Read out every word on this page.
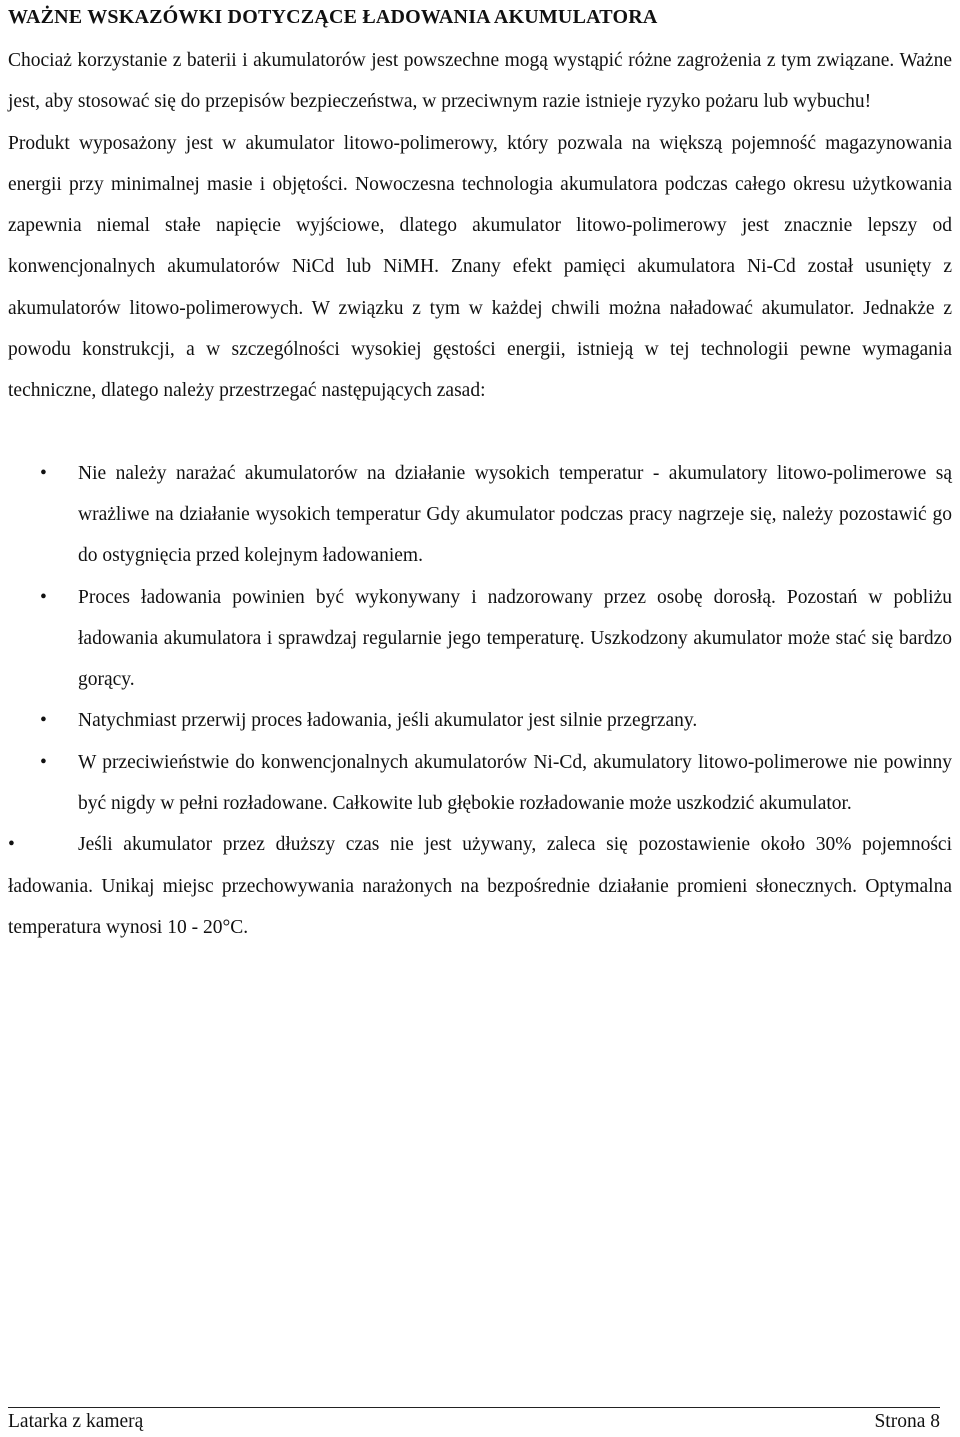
WAŻNE WSKAZÓWKI DOTYCZĄCE ŁADOWANIA AKUMULATORA

Chociaż korzystanie z baterii i akumulatorów jest powszechne mogą wystąpić różne zagrożenia z tym związane. Ważne jest, aby stosować się do przepisów bezpieczeństwa, w przeciwnym razie istnieje ryzyko pożaru lub wybuchu!

Produkt wyposażony jest w akumulator litowo-polimerowy, który pozwala na większą pojemność magazynowania energii przy minimalnej masie i objętości. Nowoczesna technologia akumulatora podczas całego okresu użytkowania zapewnia niemal stałe napięcie wyjściowe, dlatego akumulator litowo-polimerowy jest znacznie lepszy od konwencjonalnych akumulatorów NiCd lub NiMH. Znany efekt pamięci akumulatora Ni-Cd został usunięty z akumulatorów litowo-polimerowych. W związku z tym w każdej chwili można naładować akumulator. Jednakże z powodu konstrukcji, a w szczególności wysokiej gęstości energii, istnieją w tej technologii pewne wymagania techniczne, dlatego należy przestrzegać następujących zasad:

• Nie należy narażać akumulatorów na działanie wysokich temperatur - akumulatory litowo-polimerowe są wrażliwe na działanie wysokich temperatur Gdy akumulator podczas pracy nagrzeje się, należy pozostawić go do ostygnięcia przed kolejnym ładowaniem.
• Proces ładowania powinien być wykonywany i nadzorowany przez osobę dorosłą. Pozostań w pobliżu ładowania akumulatora i sprawdzaj regularnie jego temperaturę. Uszkodzony akumulator może stać się bardzo gorący.
• Natychmiast przerwij proces ładowania, jeśli akumulator jest silnie przegrzany.
• W przeciwieństwie do konwencjonalnych akumulatorów Ni-Cd, akumulatory litowo-polimerowe nie powinny być nigdy w pełni rozładowane. Całkowite lub głębokie rozładowanie może uszkodzić akumulator.

•	Jeśli akumulator przez dłuższy czas nie jest używany, zaleca się pozostawienie około 30% pojemności ładowania. Unikaj miejsc przechowywania narażonych na bezpośrednie działanie promieni słonecznych. Optymalna temperatura wynosi 10 - 20°C.

Latarka z kamerą	Strona 8
